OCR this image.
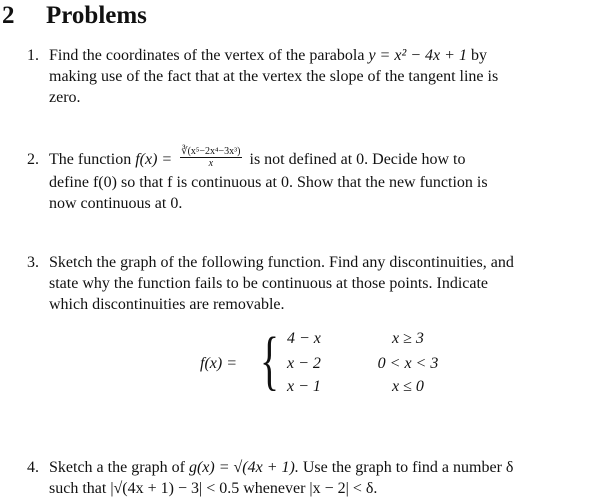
2 Problems
1. Find the coordinates of the vertex of the parabola y = x² − 4x + 1 by
making use of the fact that at the vertex the slope of the tangent line is
zero.
2. The function $f(x) = \frac{\text{∛(x⁵−2x⁴−3x³)}}{x}$ is not defined at 0. Decide how to
define f(0) so that f is continuous at 0. Show that the new function is
now continuous at 0.
3. Sketch the graph of the following function. Find any discontinuities, and
state why the function fails to be continuous at those points. Indicate
which discontinuities are removable.
f(x) = { 4 − x	x ≥ 3
x − 2	0 < x < 3
x − 1	x ≤ 0
4. Sketch a the graph of g(x) = √(4x + 1). Use the graph to find a number δ
such that |√(4x + 1) − 3| < 0.5 whenever |x − 2| < δ.
